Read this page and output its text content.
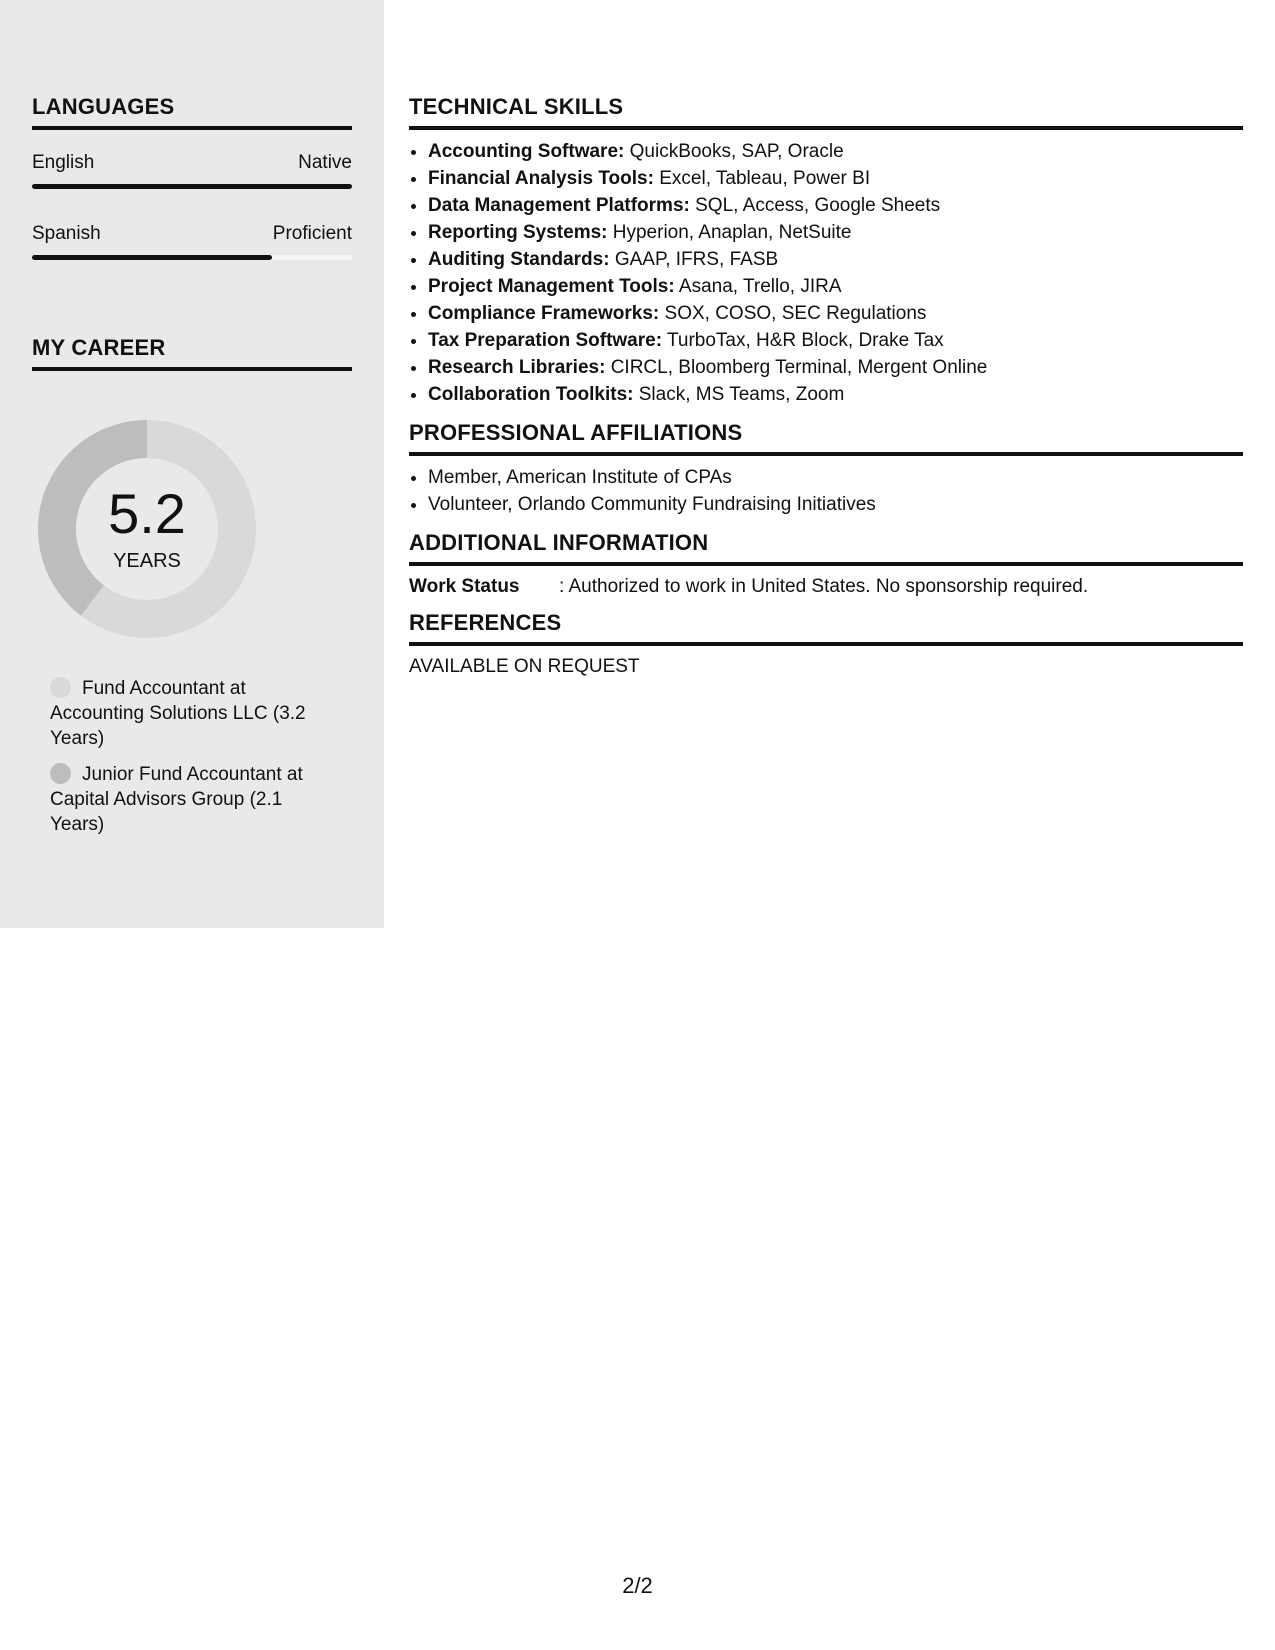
LANGUAGES
English	Native
Spanish	Proficient
MY CAREER
5.2
YEARS
Fund Accountant at Accounting Solutions LLC (3.2 Years)
Junior Fund Accountant at Capital Advisors Group (2.1 Years)
TECHNICAL SKILLS
• Accounting Software: QuickBooks, SAP, Oracle
• Financial Analysis Tools: Excel, Tableau, Power BI
• Data Management Platforms: SQL, Access, Google Sheets
• Reporting Systems: Hyperion, Anaplan, NetSuite
• Auditing Standards: GAAP, IFRS, FASB
• Project Management Tools: Asana, Trello, JIRA
• Compliance Frameworks: SOX, COSO, SEC Regulations
• Tax Preparation Software: TurboTax, H&R Block, Drake Tax
• Research Libraries: CIRCL, Bloomberg Terminal, Mergent Online
• Collaboration Toolkits: Slack, MS Teams, Zoom
PROFESSIONAL AFFILIATIONS
• Member, American Institute of CPAs
• Volunteer, Orlando Community Fundraising Initiatives
ADDITIONAL INFORMATION
Work Status	: Authorized to work in United States. No sponsorship required.
REFERENCES
AVAILABLE ON REQUEST
2/2
